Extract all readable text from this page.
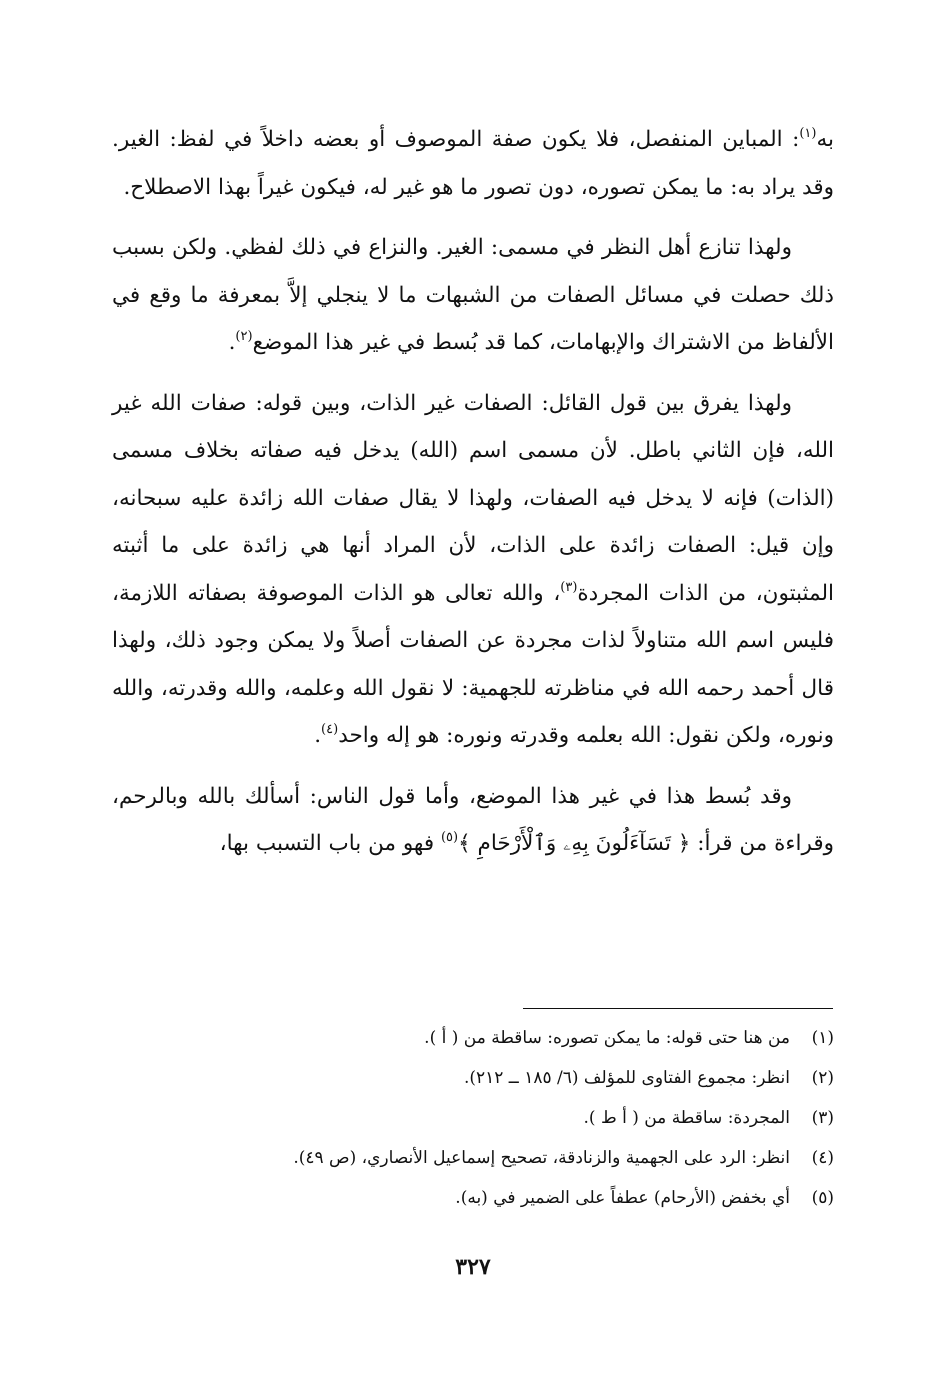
به$^{(١)}$: المباين المنفصل، فلا يكون صفة الموصوف أو بعضه داخلاً في لفظ: الغير. وقد يراد به: ما يمكن تصوره، دون تصور ما هو غير له، فيكون غيراً بهذا الاصطلاح.

ولهذا تنازع أهل النظر في مسمى: الغير. والنزاع في ذلك لفظي. ولكن بسبب ذلك حصلت في مسائل الصفات من الشبهات ما لا ينجلي إلاَّ بمعرفة ما وقع في الألفاظ من الاشتراك والإبهامات، كما قد بُسط في غير هذا الموضع$^{(٢)}$.

ولهذا يفرق بين قول القائل: الصفات غير الذات، وبين قوله: صفات الله غير الله، فإن الثاني باطل. لأن مسمى اسم (الله) يدخل فيه صفاته بخلاف مسمى (الذات) فإنه لا يدخل فيه الصفات، ولهذا لا يقال صفات الله زائدة عليه سبحانه، وإن قيل: الصفات زائدة على الذات، لأن المراد أنها هي زائدة على ما أثبته المثبتون، من الذات المجردة$^{(٣)}$، والله تعالى هو الذات الموصوفة بصفاته اللازمة، فليس اسم الله متناولاً لذات مجردة عن الصفات أصلاً ولا يمكن وجود ذلك، ولهذا قال أحمد رحمه الله في مناظرته للجهمية: لا نقول الله وعلمه، والله وقدرته، والله ونوره، ولكن نقول: الله بعلمه وقدرته ونوره: هو إله واحد$^{(٤)}$.

وقد بُسط هذا في غير هذا الموضع، وأما قول الناس: أسألك بالله وبالرحم، وقراءة من قرأ: ﴿ تَسَآءَلُونَ بِهِۦ وَٱلْأَرْحَامِ ﴾$^{(٥)}$ فهو من باب التسبب بها،

(١)
من هنا حتى قوله: ما يمكن تصوره: ساقطة من ( أ ).
(٢)
انظر: مجموع الفتاوى للمؤلف (٦/ ١٨٥ ــ ٢١٢).
(٣)
المجردة: ساقطة من ( أ ط ).
(٤)
انظر: الرد على الجهمية والزنادقة، تصحيح إسماعيل الأنصاري، (ص ٤٩).
(٥)
أي بخفض (الأرحام) عطفاً على الضمير في (به).
٣٢٧
